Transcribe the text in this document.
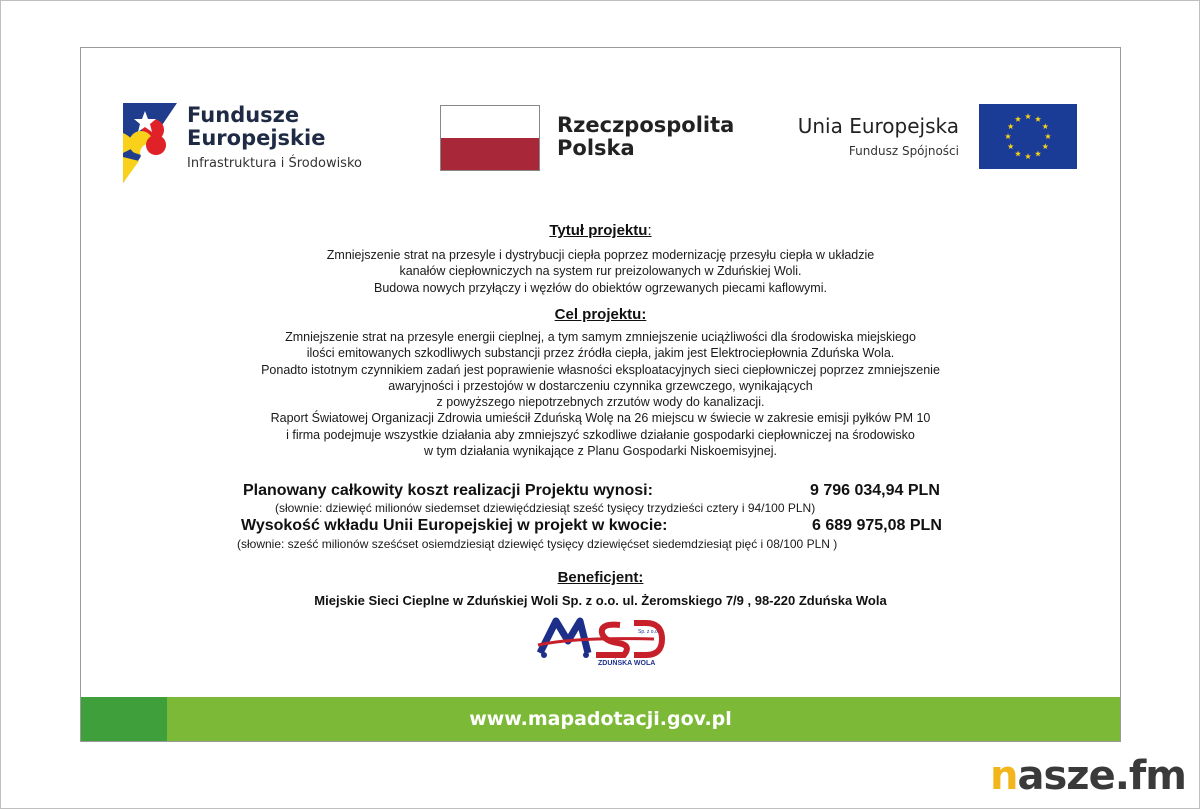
Fundusze
Europejskie
Infrastruktura i Środowisko
Rzeczpospolita
Polska
Unia Europejska
Fundusz Spójności
Tytuł projektu:
Zmniejszenie strat na przesyle i dystrybucji ciepła poprzez modernizację przesyłu ciepła w układzie
kanałów ciepłowniczych na system rur preizolowanych w Zduńskiej Woli.
Budowa nowych przyłączy i węzłów do obiektów ogrzewanych piecami kaflowymi.
Cel projektu:
Zmniejszenie strat na przesyle energii cieplnej, a tym samym zmniejszenie uciążliwości dla środowiska miejskiego
ilości emitowanych szkodliwych substancji przez źródła ciepła, jakim jest Elektrociepłownia Zduńska Wola.
Ponadto istotnym czynnikiem zadań jest poprawienie własności eksploatacyjnych sieci ciepłowniczej poprzez zmniejszenie
awaryjności i przestojów w dostarczeniu czynnika grzewczego, wynikających
z powyższego niepotrzebnych zrzutów wody do kanalizacji.
Raport Światowej Organizacji Zdrowia umieścił Zduńską Wolę na 26 miejscu w świecie w zakresie emisji pyłków PM 10
i firma podejmuje wszystkie działania aby zmniejszyć szkodliwe działanie gospodarki ciepłowniczej na środowisko
w tym działania wynikające z Planu Gospodarki Niskoemisyjnej.
Planowany całkowity koszt realizacji Projektu wynosi:	9 796 034,94 PLN
(słownie: dziewięć milionów siedemset dziewięćdziesiąt sześć tysięcy trzydzieści cztery i 94/100 PLN)
Wysokość wkładu Unii Europejskiej w projekt w kwocie:	6 689 975,08 PLN
(słownie: sześć milionów sześćset osiemdziesiąt dziewięć tysięcy dziewięćset siedemdziesiąt pięć i 08/100 PLN )
Beneficjent:
Miejskie Sieci Cieplne w Zduńskiej Woli Sp. z o.o. ul. Żeromskiego 7/9 , 98-220 Zduńska Wola
Sp. z o.o.
ZDUŃSKA WOLA
www.mapadotacji.gov.pl
nasze.fm
